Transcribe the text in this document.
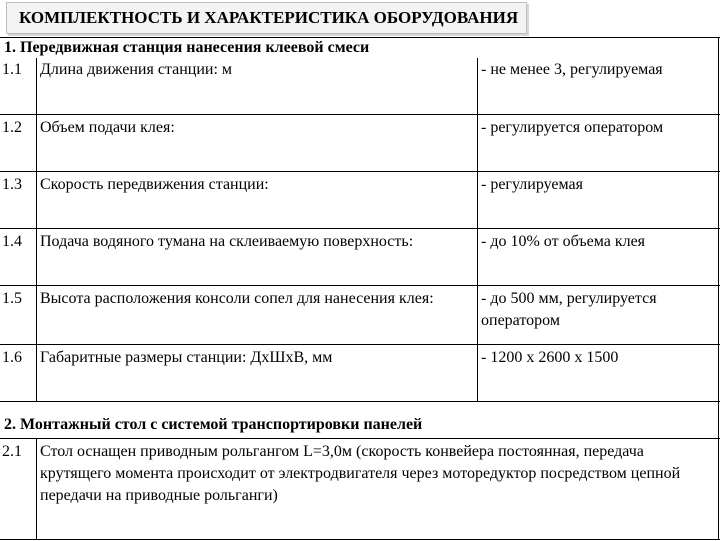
КОМПЛЕКТНОСТЬ И ХАРАКТЕРИСТИКА ОБОРУДОВАНИЯ
1. Передвижная станция нанесения клеевой смеси
1.1	Длина движения станции: м	- не менее 3, регулируемая
1.2	Объем подачи клея:	- регулируется оператором
1.3	Скорость передвижения станции:	- регулируемая
1.4	Подача водяного тумана на склеиваемую поверхность:	- до 10% от объема клея
1.5	Высота расположения консоли сопел для нанесения клея:	- до 500 мм, регулируется оператором
1.6	Габаритные размеры станции: ДхШхВ, мм	- 1200 х 2600 х 1500
2. Монтажный стол с системой транспортировки панелей
2.1	Стол оснащен приводным рольгангом L=3,0м (скорость конвейера постоянная, передача крутящего момента происходит от электродвигателя через моторедуктор посредством цепной передачи на приводные рольганги)
